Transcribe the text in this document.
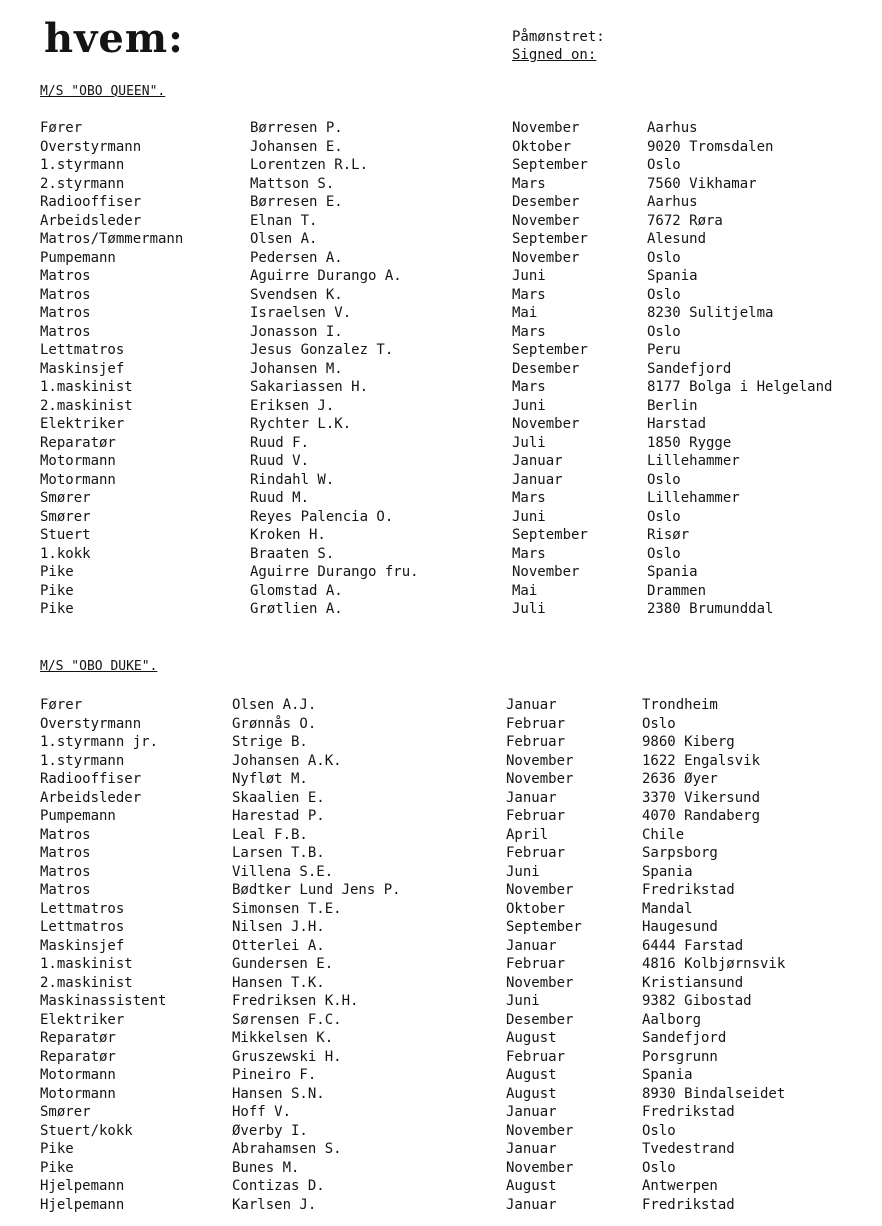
hvem:	Påmønstret:
Signed on:
M/S "OBO QUEEN".
Fører	Børresen P.	November	Aarhus
Overstyrmann	Johansen E.	Oktober	9020 Tromsdalen
1.styrmann	Lorentzen R.L.	September	Oslo
2.styrmann	Mattson S.	Mars	7560 Vikhamar
Radiooffiser	Børresen E.	Desember	Aarhus
Arbeidsleder	Elnan T.	November	7672 Røra
Matros/Tømmermann	Olsen A.	September	Alesund
Pumpemann	Pedersen A.	November	Oslo
Matros	Aguirre Durango A.	Juni	Spania
Matros	Svendsen K.	Mars	Oslo
Matros	Israelsen V.	Mai	8230 Sulitjelma
Matros	Jonasson I.	Mars	Oslo
Lettmatros	Jesus Gonzalez T.	September	Peru
Maskinsjef	Johansen M.	Desember	Sandefjord
1.maskinist	Sakariassen H.	Mars	8177 Bolga i Helgeland
2.maskinist	Eriksen J.	Juni	Berlin
Elektriker	Rychter L.K.	November	Harstad
Reparatør	Ruud F.	Juli	1850 Rygge
Motormann	Ruud V.	Januar	Lillehammer
Motormann	Rindahl W.	Januar	Oslo
Smører	Ruud M.	Mars	Lillehammer
Smører	Reyes Palencia O.	Juni	Oslo
Stuert	Kroken H.	September	Risør
1.kokk	Braaten S.	Mars	Oslo
Pike	Aguirre Durango fru.	November	Spania
Pike	Glomstad A.	Mai	Drammen
Pike	Grøtlien A.	Juli	2380 Brumunddal
M/S "OBO DUKE".
Fører	Olsen A.J.	Januar	Trondheim
Overstyrmann	Grønnås O.	Februar	Oslo
1.styrmann jr.	Strige B.	Februar	9860 Kiberg
1.styrmann	Johansen A.K.	November	1622 Engalsvik
Radiooffiser	Nyfløt M.	November	2636 Øyer
Arbeidsleder	Skaalien E.	Januar	3370 Vikersund
Pumpemann	Harestad P.	Februar	4070 Randaberg
Matros	Leal F.B.	April	Chile
Matros	Larsen T.B.	Februar	Sarpsborg
Matros	Villena S.E.	Juni	Spania
Matros	Bødtker Lund Jens P.	November	Fredrikstad
Lettmatros	Simonsen T.E.	Oktober	Mandal
Lettmatros	Nilsen J.H.	September	Haugesund
Maskinsjef	Otterlei A.	Januar	6444 Farstad
1.maskinist	Gundersen E.	Februar	4816 Kolbjørnsvik
2.maskinist	Hansen T.K.	November	Kristiansund
Maskinassistent	Fredriksen K.H.	Juni	9382 Gibostad
Elektriker	Sørensen F.C.	Desember	Aalborg
Reparatør	Mikkelsen K.	August	Sandefjord
Reparatør	Gruszewski H.	Februar	Porsgrunn
Motormann	Pineiro F.	August	Spania
Motormann	Hansen S.N.	August	8930 Bindalseidet
Smører	Hoff V.	Januar	Fredrikstad
Stuert/kokk	Øverby I.	November	Oslo
Pike	Abrahamsen S.	Januar	Tvedestrand
Pike	Bunes M.	November	Oslo
Hjelpemann	Contizas D.	August	Antwerpen
Hjelpemann	Karlsen J.	Januar	Fredrikstad
